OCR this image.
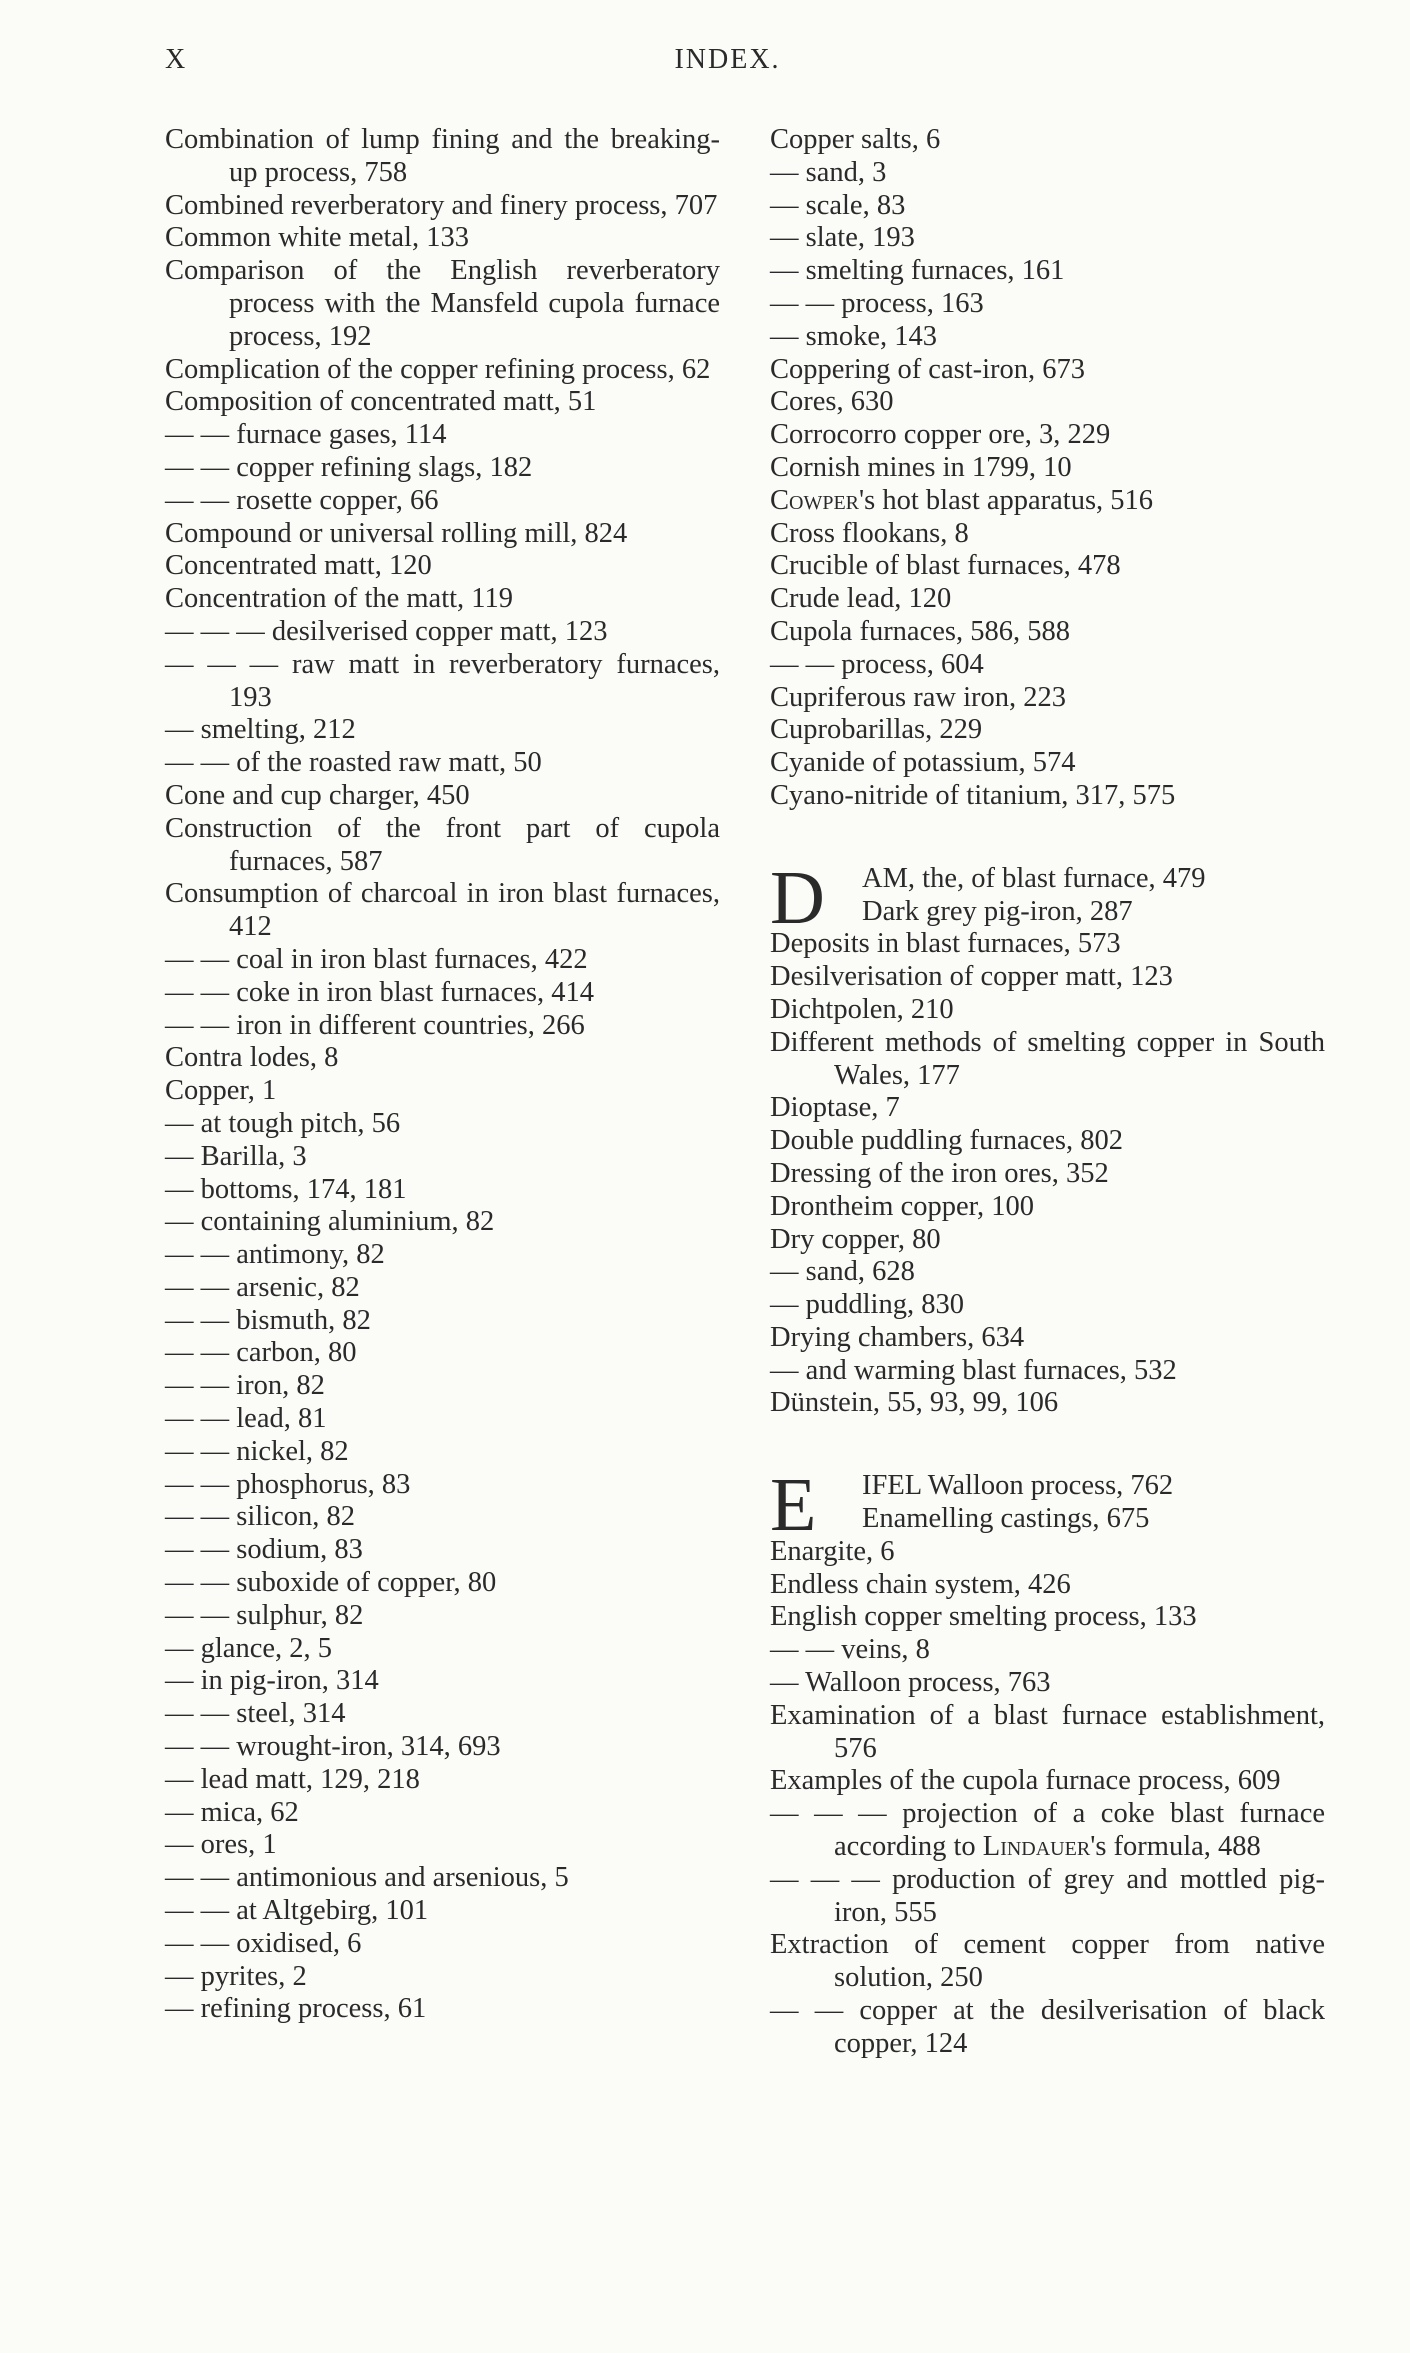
X	INDEX.
Combination of lump fining and the breaking-up process, 758
Combined reverberatory and finery process, 707
Common white metal, 133
Comparison of the English reverberatory process with the Mansfeld cupola furnace process, 192
Complication of the copper refining process, 62
Composition of concentrated matt, 51
— — furnace gases, 114
— — copper refining slags, 182
— — rosette copper, 66
Compound or universal rolling mill, 824
Concentrated matt, 120
Concentration of the matt, 119
— — — desilverised copper matt, 123
— — — raw matt in reverberatory furnaces, 193
— smelting, 212
— — of the roasted raw matt, 50
Cone and cup charger, 450
Construction of the front part of cupola furnaces, 587
Consumption of charcoal in iron blast furnaces, 412
— — coal in iron blast furnaces, 422
— — coke in iron blast furnaces, 414
— — iron in different countries, 266
Contra lodes, 8
Copper, 1
— at tough pitch, 56
— Barilla, 3
— bottoms, 174, 181
— containing aluminium, 82
— — antimony, 82
— — arsenic, 82
— — bismuth, 82
— — carbon, 80
— — iron, 82
— — lead, 81
— — nickel, 82
— — phosphorus, 83
— — silicon, 82
— — sodium, 83
— — suboxide of copper, 80
— — sulphur, 82
— glance, 2, 5
— in pig-iron, 314
— — steel, 314
— — wrought-iron, 314, 693
— lead matt, 129, 218
— mica, 62
— ores, 1
— — antimonious and arsenious, 5
— — at Altgebirg, 101
— — oxidised, 6
— pyrites, 2
— refining process, 61
Copper salts, 6
— sand, 3
— scale, 83
— slate, 193
— smelting furnaces, 161
— — process, 163
— smoke, 143
Coppering of cast-iron, 673
Cores, 630
Corrocorro copper ore, 3, 229
Cornish mines in 1799, 10
Cowper's hot blast apparatus, 516
Cross flookans, 8
Crucible of blast furnaces, 478
Crude lead, 120
Cupola furnaces, 586, 588
— — process, 604
Cupriferous raw iron, 223
Cuprobarillas, 229
Cyanide of potassium, 574
Cyano-nitride of titanium, 317, 575
D AM, the, of blast furnace, 479
Dark grey pig-iron, 287
Deposits in blast furnaces, 573
Desilverisation of copper matt, 123
Dichtpolen, 210
Different methods of smelting copper in South Wales, 177
Dioptase, 7
Double puddling furnaces, 802
Dressing of the iron ores, 352
Drontheim copper, 100
Dry copper, 80
— sand, 628
— puddling, 830
Drying chambers, 634
— and warming blast furnaces, 532
Dünstein, 55, 93, 99, 106
E IFEL Walloon process, 762
Enamelling castings, 675
Enargite, 6
Endless chain system, 426
English copper smelting process, 133
— — veins, 8
— Walloon process, 763
Examination of a blast furnace establishment, 576
Examples of the cupola furnace process, 609
— — — projection of a coke blast furnace according to Lindauer's formula, 488
— — — production of grey and mottled pig-iron, 555
Extraction of cement copper from native solution, 250
— — copper at the desilverisation of black copper, 124
